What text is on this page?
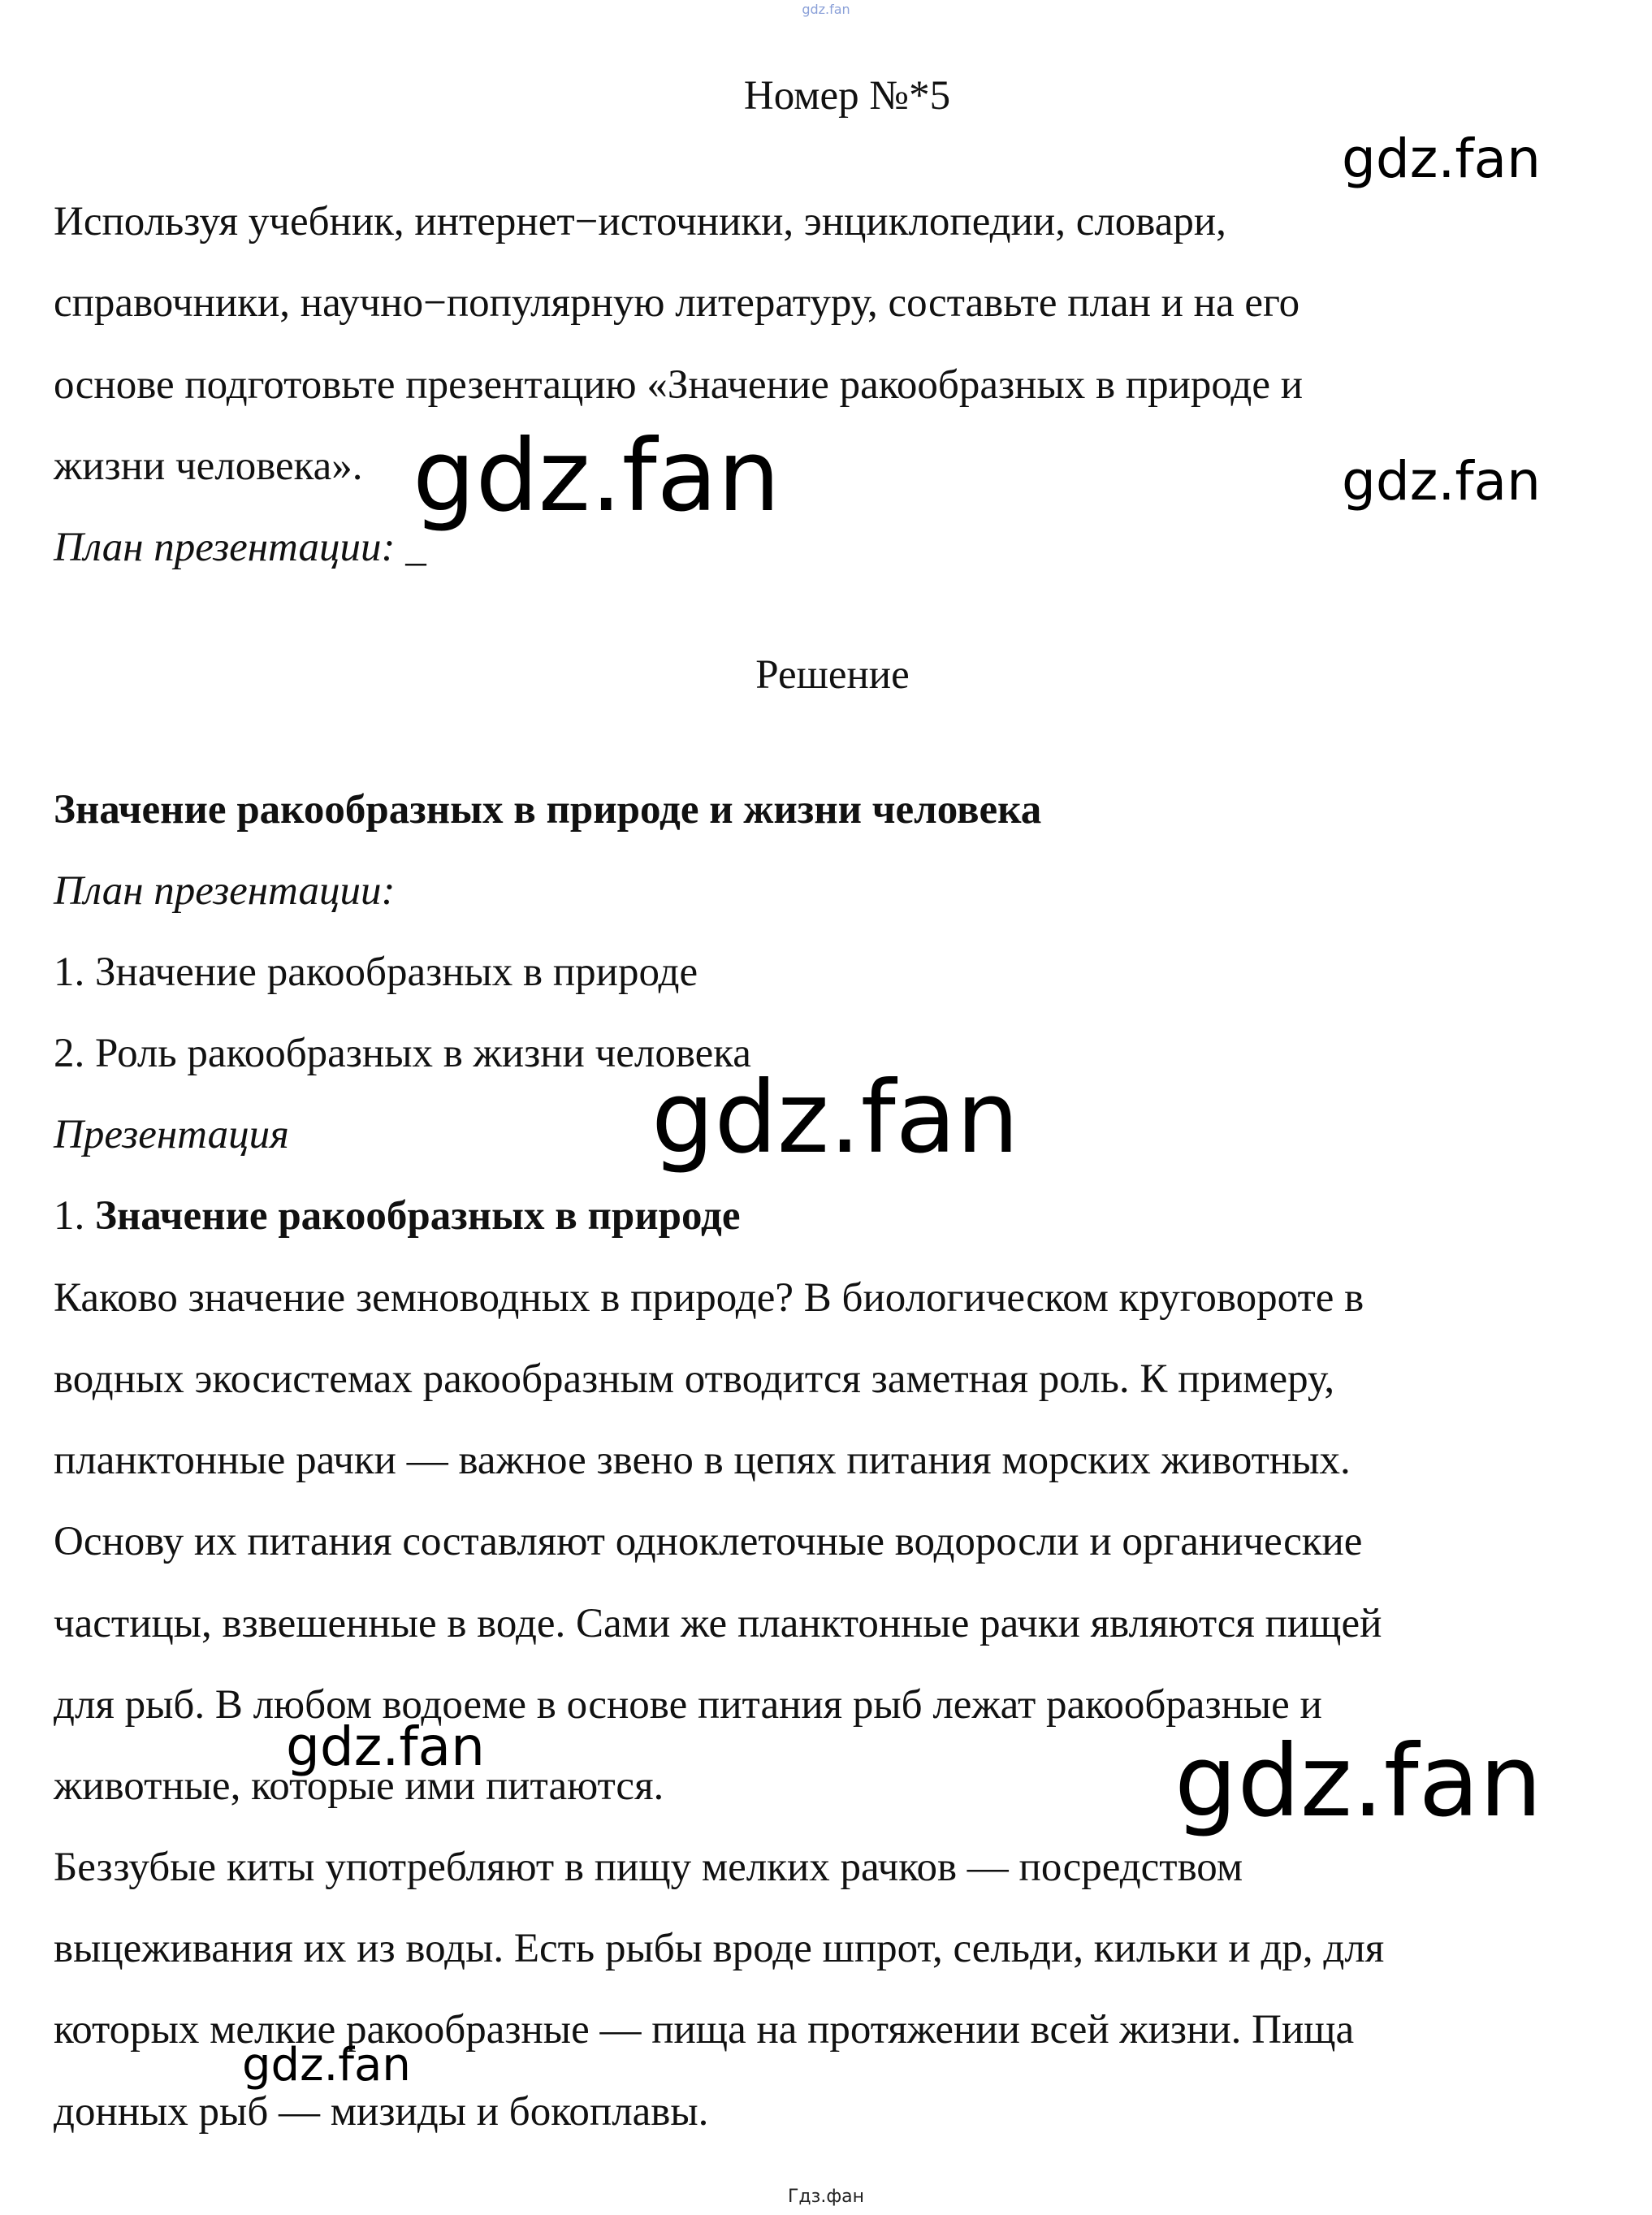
gdz.fan
Номер №*5
Используя учебник, интернет−источники, энциклопедии, словари,
справочники, научно−популярную литературу, составьте план и на его
основе подготовьте презентацию «Значение ракообразных в природе и
жизни человека».
План презентации: _
Решение
Значение ракообразных в природе и жизни человека
План презентации:
1. Значение ракообразных в природе
2. Роль ракообразных в жизни человека
Презентация
1. Значение ракообразных в природе
Каково значение земноводных в природе? В биологическом круговороте в
водных экосистемах ракообразным отводится заметная роль. К примеру,
планктонные рачки — важное звено в цепях питания морских животных.
Основу их питания составляют одноклеточные водоросли и органические
частицы, взвешенные в воде. Сами же планктонные рачки являются пищей
для рыб. В любом водоеме в основе питания рыб лежат ракообразные и
животные, которые ими питаются.
Беззубые киты употребляют в пищу мелких рачков — посредством
выцеживания их из воды. Есть рыбы вроде шпрот, сельди, кильки и др, для
которых мелкие ракообразные — пища на протяжении всей жизни. Пища
донных рыб — мизиды и бокоплавы.
gdz.fan
gdz.fan
gdz.fan
gdz.fan
gdz.fan	gdz.fan
gdz.fan
Гдз.фан
